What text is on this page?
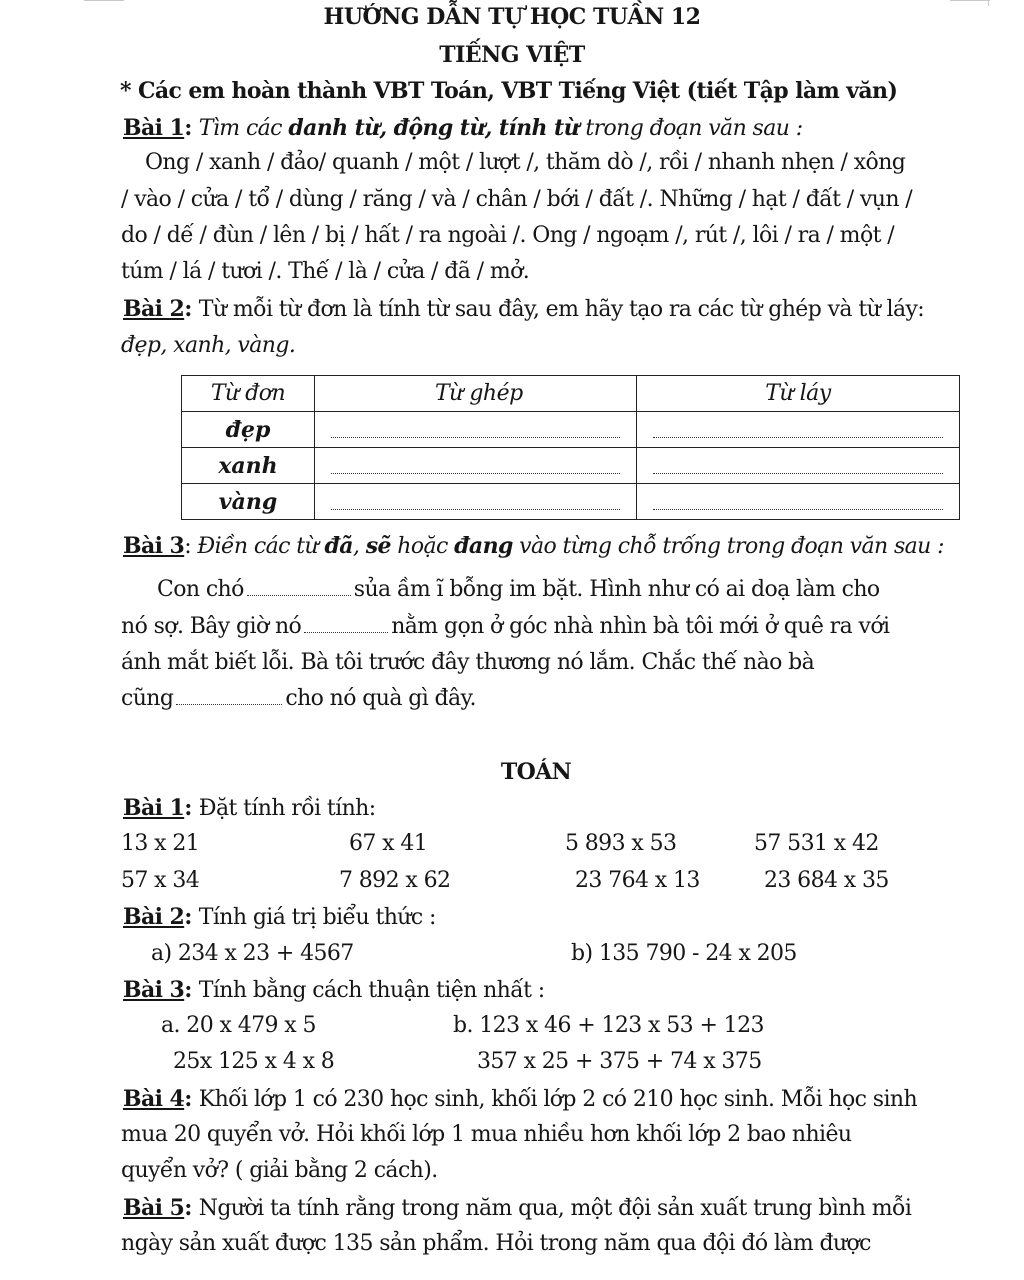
HƯỚNG DẪN TỰ HỌC TUẦN 12
TIẾNG VIỆT
* Các em hoàn thành VBT Toán, VBT Tiếng Việt (tiết Tập làm văn)
Bài 1: Tìm các danh từ, động từ, tính từ trong đoạn văn sau :
Ong / xanh / đảo/ quanh / một / lượt /, thăm dò /, rồi / nhanh nhẹn / xông
/ vào / cửa / tổ / dùng / răng / và / chân / bới / đất /. Những / hạt / đất / vụn /
do / dế / đùn / lên / bị / hất / ra ngoài /. Ong / ngoạm /, rút /, lôi / ra / một /
túm / lá / tươi /. Thế / là / cửa / đã / mở.
Bài 2: Từ mỗi từ đơn là tính từ sau đây, em hãy tạo ra các từ ghép và từ láy:
đẹp, xanh, vàng.
Từ đơn	Từ ghép	Từ láy
đẹp	

xanh	

vàng	

Bài 3: Điền các từ đã, sẽ hoặc đang vào từng chỗ trống trong đoạn văn sau :
Con chó	sủa ầm ĩ bỗng im bặt. Hình như có ai doạ làm cho
nó sợ. Bây giờ nó	nằm gọn ở góc nhà nhìn bà tôi mới ở quê ra với
ánh mắt biết lỗi. Bà tôi trước đây thương nó lắm. Chắc thế nào bà
cũng	cho nó quà gì đây.
TOÁN
Bài 1: Đặt tính rồi tính:
13 x 21	67 x 41	5 893 x 53	57 531 x 42
57 x 34	7 892 x 62	23 764 x 13	23 684 x 35
Bài 2: Tính giá trị biểu thức :
a) 234 x 23 + 4567	b) 135 790 - 24 x 205
Bài 3: Tính bằng cách thuận tiện nhất :
a. 20 x 479 x 5	b. 123 x 46 + 123 x 53 + 123
25x 125 x 4 x 8	357 x 25 + 375 + 74 x 375
Bài 4: Khối lớp 1 có 230 học sinh, khối lớp 2 có 210 học sinh. Mỗi học sinh
mua 20 quyển vở. Hỏi khối lớp 1 mua nhiều hơn khối lớp 2 bao nhiêu
quyển vở? ( giải bằng 2 cách).
Bài 5: Người ta tính rằng trong năm qua, một đội sản xuất trung bình mỗi
ngày sản xuất được 135 sản phẩm. Hỏi trong năm qua đội đó làm được
